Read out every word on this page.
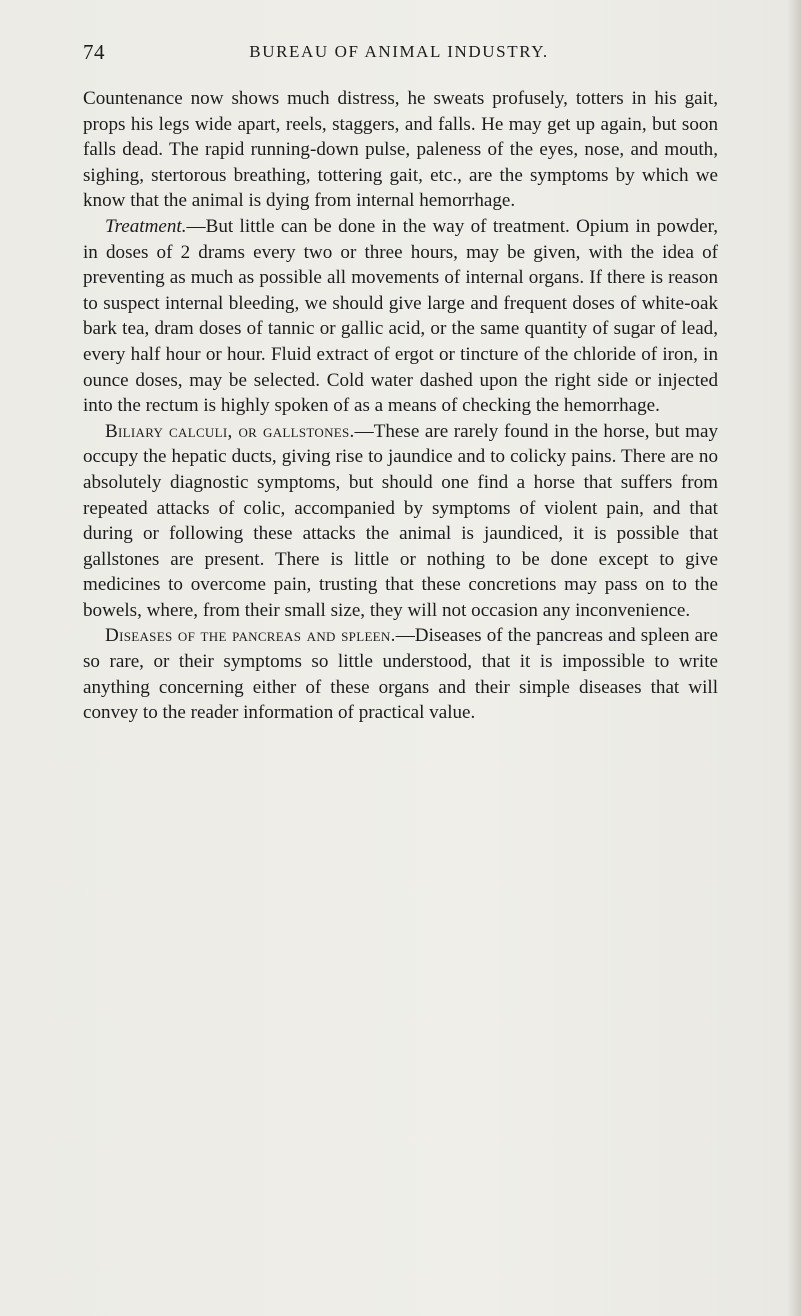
74	BUREAU OF ANIMAL INDUSTRY.

Countenance now shows much distress, he sweats profusely, totters in his gait, props his legs wide apart, reels, staggers, and falls. He may get up again, but soon falls dead. The rapid running-down pulse, paleness of the eyes, nose, and mouth, sighing, stertorous breathing, tottering gait, etc., are the symptoms by which we know that the animal is dying from internal hemorrhage.

Treatment.—But little can be done in the way of treatment. Opium in powder, in doses of 2 drams every two or three hours, may be given, with the idea of preventing as much as possible all movements of internal organs. If there is reason to suspect internal bleeding, we should give large and frequent doses of white-oak bark tea, dram doses of tannic or gallic acid, or the same quantity of sugar of lead, every half hour or hour. Fluid extract of ergot or tincture of the chloride of iron, in ounce doses, may be selected. Cold water dashed upon the right side or injected into the rectum is highly spoken of as a means of checking the hemorrhage.

Biliary calculi, or gallstones.—These are rarely found in the horse, but may occupy the hepatic ducts, giving rise to jaundice and to colicky pains. There are no absolutely diagnostic symptoms, but should one find a horse that suffers from repeated attacks of colic, accompanied by symptoms of violent pain, and that during or following these attacks the animal is jaundiced, it is possible that gallstones are present. There is little or nothing to be done except to give medicines to overcome pain, trusting that these concretions may pass on to the bowels, where, from their small size, they will not occasion any inconvenience.

Diseases of the pancreas and spleen.—Diseases of the pancreas and spleen are so rare, or their symptoms so little understood, that it is impossible to write anything concerning either of these organs and their simple diseases that will convey to the reader information of practical value.
